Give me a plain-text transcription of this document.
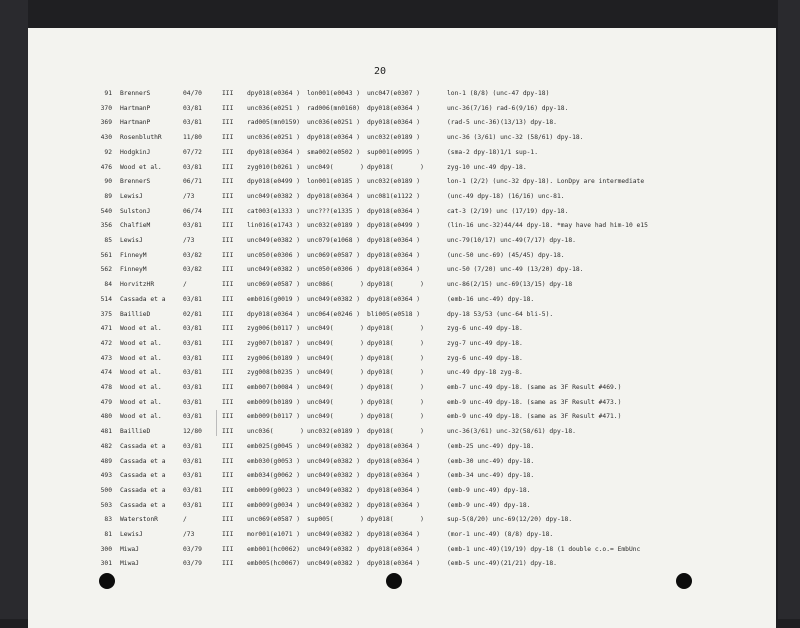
20
91 BrennerS	04/70	III dpy018(e0364 ) lon001(e0043 ) unc047(e0307 )	lon-1 (8/8) (unc-47 dpy-18)
370 HartmanP	03/81	III unc036(e0251 ) rad006(mn0160) dpy018(e0364 )	unc-36(7/16) rad-6(9/16) dpy-18.
369 HartmanP	03/81	III rad005(mn0159) unc036(e0251 ) dpy018(e0364 )	(rad-5 unc-36)(13/13) dpy-18.
430 RosenbluthR	11/80	III unc036(e0251 ) dpy018(e0364 ) unc032(e0189 )	unc-36 (3/61) unc-32 (58/61) dpy-18.
92 HodgkinJ	07/72	III dpy018(e0364 ) sma002(e0502 ) sup001(e0995 )	(sma-2 dpy-18)1/1 sup-1.
476 Wood et al.	03/81	III zyg010(b0261 ) unc049(       ) dpy018(       )	zyg-10 unc-49 dpy-18.
90 BrennerS	06/71	III dpy018(e0499 ) lon001(e0185 ) unc032(e0189 )	lon-1 (2/2) (unc-32 dpy-18). LonDpy are intermediate
89 LewisJ	/73	III unc049(e0382 ) dpy018(e0364 ) unc081(e1122 )	(unc-49 dpy-18) (16/16) unc-81.
540 SulstonJ	06/74	III cat003(e1333 ) unc???(e1335 ) dpy018(e0364 )	cat-3 (2/19) unc (17/19) dpy-18.
356 ChalfieM	03/81	III lin016(e1743 ) unc032(e0189 ) dpy018(e0499 )	(lin-16 unc-32)44/44 dpy-18. *may have had him-10 e15
85 LewisJ	/73	III unc049(e0382 ) unc079(e1068 ) dpy018(e0364 )	unc-79(10/17) unc-49(7/17) dpy-18.
561 FinneyM	03/82	III unc050(e0306 ) unc069(e0587 ) dpy018(e0364 )	(unc-50 unc-69) (45/45) dpy-18.
562 FinneyM	03/82	III unc049(e0382 ) unc050(e0306 ) dpy018(e0364 )	unc-50 (7/20) unc-49 (13/20) dpy-18.
84 HorvitzHR	/	III unc069(e0587 ) unc086(       ) dpy018(       )	unc-86(2/15) unc-69(13/15) dpy-18
514 Cassada et a	03/81	III emb016(g0019 ) unc049(e0382 ) dpy018(e0364 )	(emb-16 unc-49) dpy-18.
375 BaillieD	02/81	III dpy018(e0364 ) unc064(e0246 ) bli005(e0518 )	dpy-18 53/53 (unc-64 bli-5).
471 Wood et al.	03/81	III zyg006(b0117 ) unc049(       ) dpy018(       )	zyg-6 unc-49 dpy-18.
472 Wood et al.	03/81	III zyg007(b0187 ) unc049(       ) dpy018(       )	zyg-7 unc-49 dpy-18.
473 Wood et al.	03/81	III zyg006(b0189 ) unc049(       ) dpy018(       )	zyg-6 unc-49 dpy-18.
474 Wood et al.	03/81	III zyg008(b0235 ) unc049(       ) dpy018(       )	unc-49 dpy-18 zyg-8.
478 Wood et al.	03/81	III emb007(b0084 ) unc049(       ) dpy018(       )	emb-7 unc-49 dpy-18. (same as 3F Result #469.)
479 Wood et al.	03/81	III emb009(b0189 ) unc049(       ) dpy018(       )	emb-9 unc-49 dpy-18. (same as 3F Result #473.)
480 Wood et al.	03/81	III emb009(b0117 ) unc049(       ) dpy018(       )	emb-9 unc-49 dpy-18. (same as 3F Result #471.)
481 BaillieD	12/80	III unc036(       ) unc032(e0189 ) dpy018(       )	unc-36(3/61) unc-32(58/61) dpy-18.
482 Cassada et a	03/81	III emb025(g0045 ) unc049(e0382 ) dpy018(e0364 )	(emb-25 unc-49) dpy-18.
489 Cassada et a	03/81	III emb030(g0053 ) unc049(e0382 ) dpy018(e0364 )	(emb-30 unc-49) dpy-18.
493 Cassada et a	03/81	III emb034(g0062 ) unc049(e0382 ) dpy018(e0364 )	(emb-34 unc-49) dpy-18.
500 Cassada et a	03/81	III emb009(g0023 ) unc049(e0382 ) dpy018(e0364 )	(emb-9 unc-49) dpy-18.
503 Cassada et a	03/81	III emb009(g0034 ) unc049(e0382 ) dpy018(e0364 )	(emb-9 unc-49) dpy-18.
83 WaterstonR	/	III unc069(e0587 ) sup005(       ) dpy018(       )	sup-5(8/20) unc-69(12/20) dpy-18.
81 LewisJ	/73	III mor001(e1071 ) unc049(e0382 ) dpy018(e0364 )	(mor-1 unc-49) (8/8) dpy-18.
300 MiwaJ	03/79	III emb001(hc0062) unc049(e0382 ) dpy018(e0364 )	(emb-1 unc-49)(19/19) dpy-18 (1 double c.o.= EmbUnc
301 MiwaJ	03/79	III emb005(hc0067) unc049(e0382 ) dpy018(e0364 )	(emb-5 unc-49)(21/21) dpy-18.
